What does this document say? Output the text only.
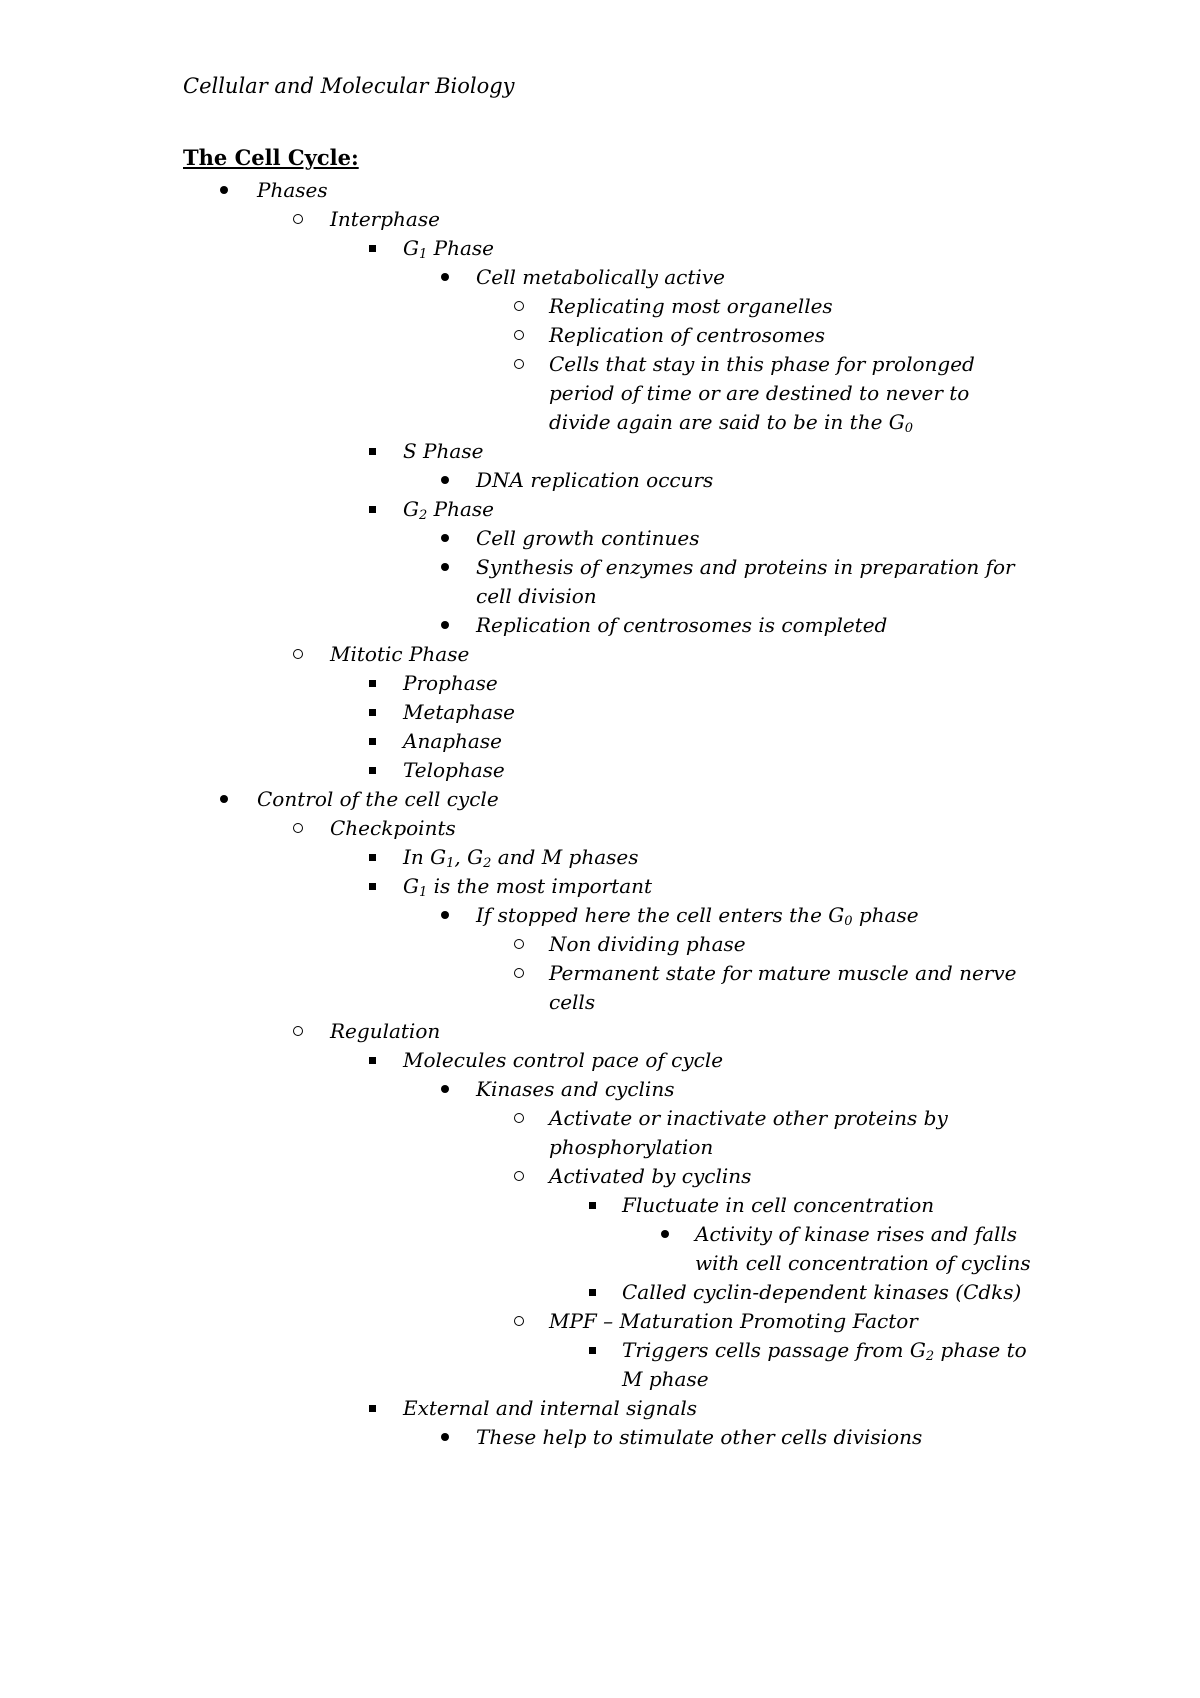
Cellular and Molecular Biology
The Cell Cycle:
Phases
Interphase
$G_1$ Phase
Cell metabolically active
Replicating most organelles
Replication of centrosomes
Cells that stay in this phase for prolonged period of time or are destined to never to divide again are said to be in the $G_0$
S Phase
DNA replication occurs
$G_2$ Phase
Cell growth continues
Synthesis of enzymes and proteins in preparation for cell division
Replication of centrosomes is completed
Mitotic Phase
Prophase
Metaphase
Anaphase
Telophase
Control of the cell cycle
Checkpoints
In $G_1$, $G_2$ and M phases
$G_1$ is the most important
If stopped here the cell enters the $G_0$ phase
Non dividing phase
Permanent state for mature muscle and nerve cells
Regulation
Molecules control pace of cycle
Kinases and cyclins
Activate or inactivate other proteins by phosphorylation
Activated by cyclins
Fluctuate in cell concentration
Activity of kinase rises and falls with cell concentration of cyclins
Called cyclin-dependent kinases (Cdks)
MPF – Maturation Promoting Factor
Triggers cells passage from $G_2$ phase to M phase
External and internal signals
These help to stimulate other cells divisions
